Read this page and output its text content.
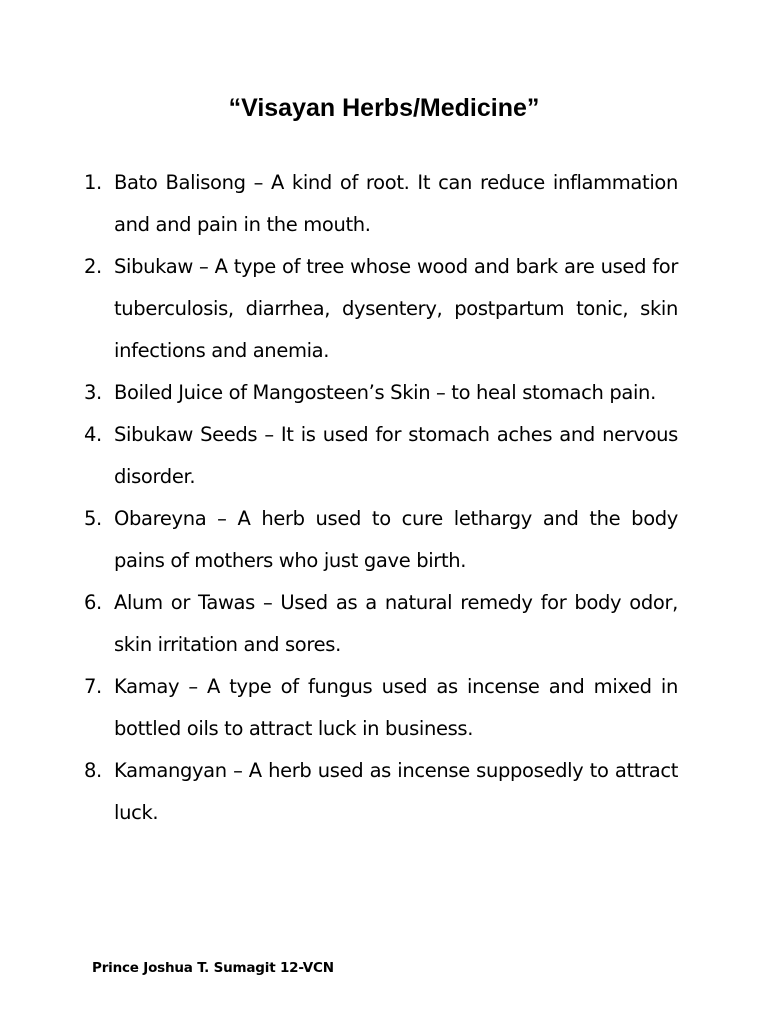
“Visayan Herbs/Medicine”
1. Bato Balisong – A kind of root. It can reduce inflammation and and pain in the mouth.
2. Sibukaw – A type of tree whose wood and bark are used for tuberculosis, diarrhea, dysentery, postpartum tonic, skin infections and anemia.
3. Boiled Juice of Mangosteen’s Skin – to heal stomach pain.
4. Sibukaw Seeds – It is used for stomach aches and nervous disorder.
5. Obareyna – A herb used to cure lethargy and the body pains of mothers who just gave birth.
6. Alum or Tawas – Used as a natural remedy for body odor, skin irritation and sores.
7. Kamay – A type of fungus used as incense and mixed in bottled oils to attract luck in business.
8. Kamangyan – A herb used as incense supposedly to attract luck.
Prince Joshua T. Sumagit 12-VCN
